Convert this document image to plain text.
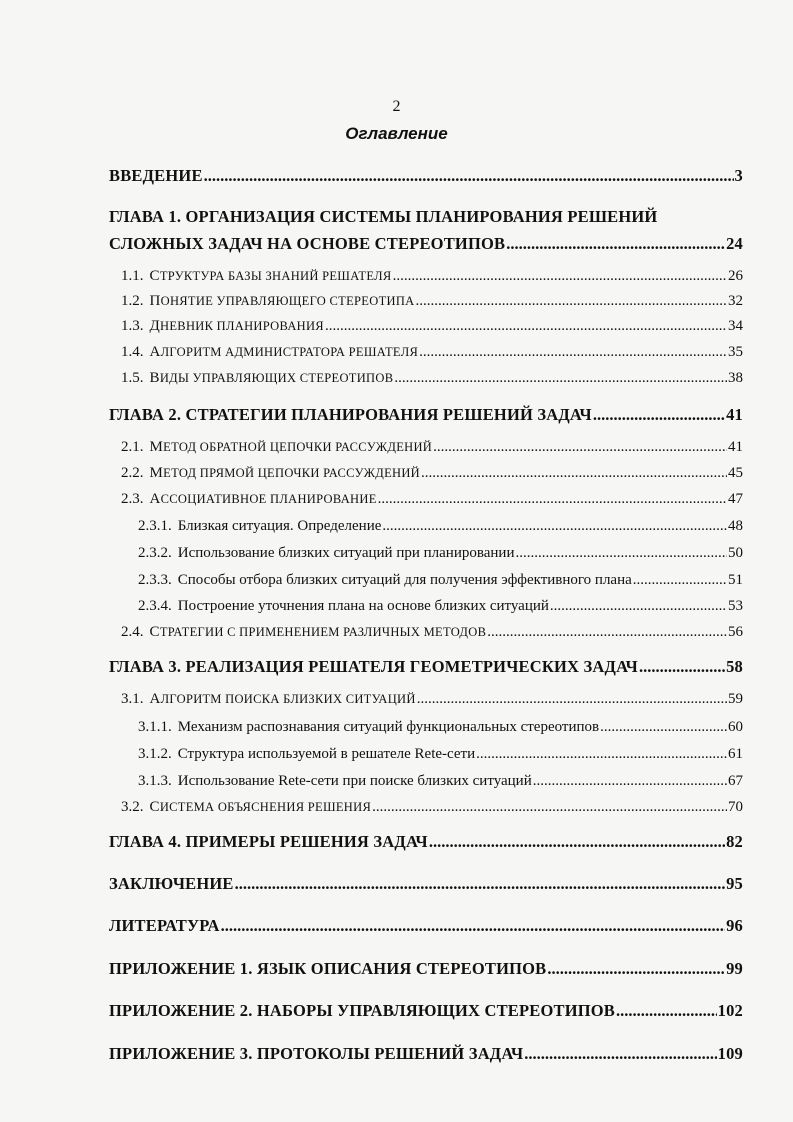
2
Оглавление
ВВЕДЕНИЕ .....	3
ГЛАВА 1. ОРГАНИЗАЦИЯ СИСТЕМЫ ПЛАНИРОВАНИЯ РЕШЕНИЙ
СЛОЖНЫХ ЗАДАЧ НА ОСНОВЕ СТЕРЕОТИПОВ .....	24
1.1. СТРУКТУРА БАЗЫ ЗНАНИЙ РЕШАТЕЛЯ .....	26
1.2. ПОНЯТИЕ УПРАВЛЯЮЩЕГО СТЕРЕОТИПА .....	32
1.3. ДНЕВНИК ПЛАНИРОВАНИЯ .....	34
1.4. АЛГОРИТМ АДМИНИСТРАТОРА РЕШАТЕЛЯ .....	35
1.5. ВИДЫ УПРАВЛЯЮЩИХ СТЕРЕОТИПОВ .....	38
ГЛАВА 2. СТРАТЕГИИ ПЛАНИРОВАНИЯ РЕШЕНИЙ ЗАДАЧ .....	41
2.1. МЕТОД ОБРАТНОЙ ЦЕПОЧКИ РАССУЖДЕНИЙ .....	41
2.2. МЕТОД ПРЯМОЙ ЦЕПОЧКИ РАССУЖДЕНИЙ .....	45
2.3. АССОЦИАТИВНОЕ ПЛАНИРОВАНИЕ .....	47
2.3.1. Близкая ситуация. Определение .....	48
2.3.2. Использование близких ситуаций при планировании .....	50
2.3.3. Способы отбора близких ситуаций для получения эффективного плана .....	51
2.3.4. Построение уточнения плана на основе близких ситуаций .....	53
2.4. СТРАТЕГИИ С ПРИМЕНЕНИЕМ РАЗЛИЧНЫХ МЕТОДОВ .....	56
ГЛАВА 3. РЕАЛИЗАЦИЯ РЕШАТЕЛЯ ГЕОМЕТРИЧЕСКИХ ЗАДАЧ .....	58
3.1. АЛГОРИТМ ПОИСКА БЛИЗКИХ СИТУАЦИЙ .....	59
3.1.1. Механизм распознавания ситуаций функциональных стереотипов .....	60
3.1.2. Структура используемой в решателе Rete-сети .....	61
3.1.3. Использование Rete-сети при поиске близких ситуаций .....	67
3.2. СИСТЕМА ОБЪЯСНЕНИЯ РЕШЕНИЯ .....	70
ГЛАВА 4. ПРИМЕРЫ РЕШЕНИЯ ЗАДАЧ .....	82
ЗАКЛЮЧЕНИЕ .....	95
ЛИТЕРАТУРА .....	96
ПРИЛОЖЕНИЕ 1. ЯЗЫК ОПИСАНИЯ СТЕРЕОТИПОВ .....	99
ПРИЛОЖЕНИЕ 2. НАБОРЫ УПРАВЛЯЮЩИХ СТЕРЕОТИПОВ .....	102
ПРИЛОЖЕНИЕ 3. ПРОТОКОЛЫ РЕШЕНИЙ ЗАДАЧ .....	109
